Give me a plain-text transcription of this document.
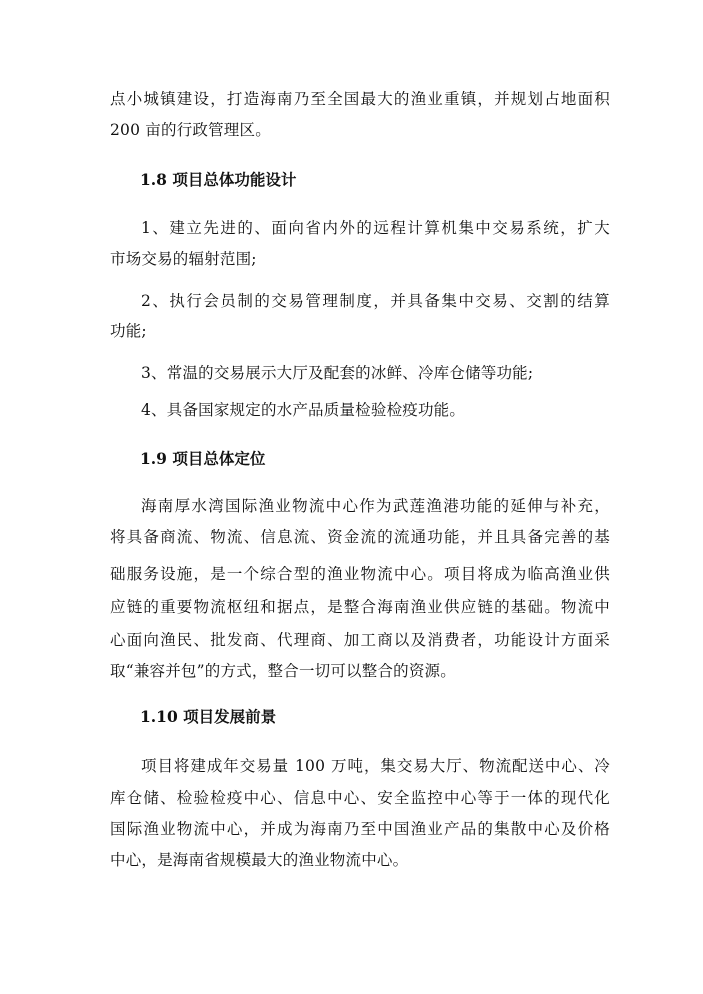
点小城镇建设，打造海南乃至全国最大的渔业重镇，并规划占地面积
200 亩的行政管理区。
1.8 项目总体功能设计
1、建立先进的、面向省内外的远程计算机集中交易系统，扩大
市场交易的辐射范围;
2、执行会员制的交易管理制度，并具备集中交易、交割的结算
功能;
3、常温的交易展示大厅及配套的冰鲜、冷库仓储等功能;
4、具备国家规定的水产品质量检验检疫功能。
1.9 项目总体定位
海南厚水湾国际渔业物流中心作为武莲渔港功能的延伸与补充，
将具备商流、物流、信息流、资金流的流通功能，并且具备完善的基
础服务设施，是一个综合型的渔业物流中心。项目将成为临高渔业供
应链的重要物流枢纽和据点，是整合海南渔业供应链的基础。物流中
心面向渔民、批发商、代理商、加工商以及消费者，功能设计方面采
取“兼容并包”的方式，整合一切可以整合的资源。
1.10 项目发展前景
项目将建成年交易量 100 万吨，集交易大厅、物流配送中心、冷
库仓储、检验检疫中心、信息中心、安全监控中心等于一体的现代化
国际渔业物流中心，并成为海南乃至中国渔业产品的集散中心及价格
中心，是海南省规模最大的渔业物流中心。
